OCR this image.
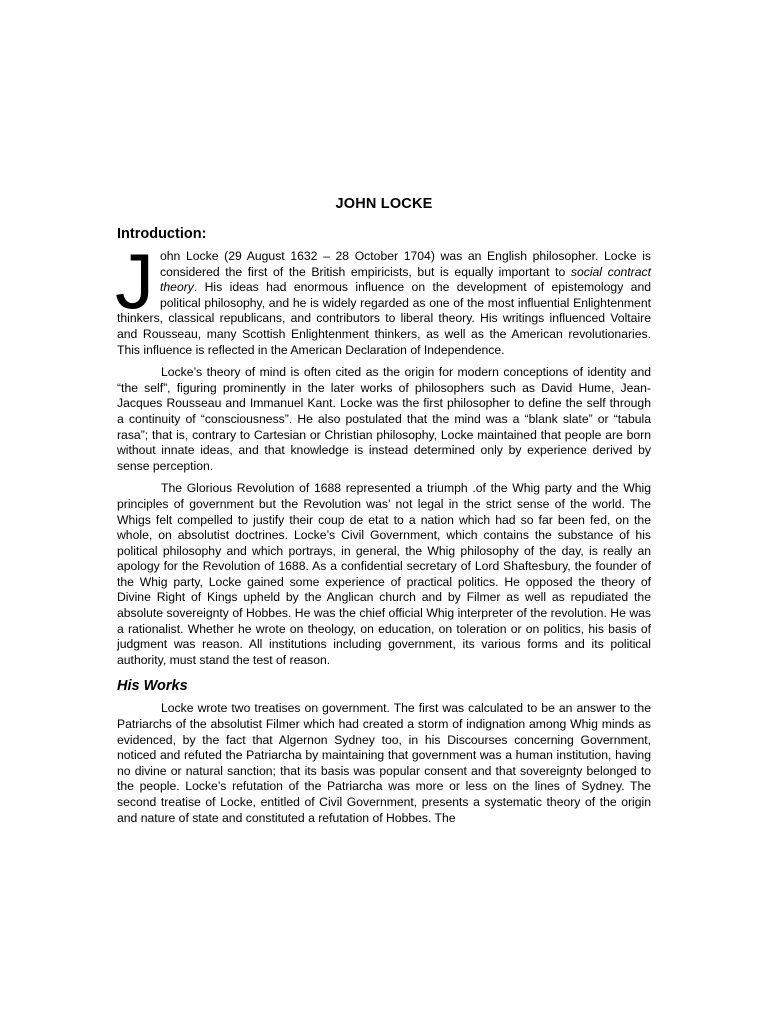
JOHN LOCKE
Introduction:

John Locke (29 August 1632 – 28 October 1704) was an English philosopher. Locke is considered the first of the British empiricists, but is equally important to social contract theory. His ideas had enormous influence on the development of epistemology and political philosophy, and he is widely regarded as one of the most influential Enlightenment thinkers, classical republicans, and contributors to liberal theory. His writings influenced Voltaire and Rousseau, many Scottish Enlightenment thinkers, as well as the American revolutionaries. This influence is reflected in the American Declaration of Independence.

Locke’s theory of mind is often cited as the origin for modern conceptions of identity and “the self”, figuring prominently in the later works of philosophers such as David Hume, Jean-Jacques Rousseau and Immanuel Kant. Locke was the first philosopher to define the self through a continuity of “consciousness”. He also postulated that the mind was a “blank slate” or “tabula rasa”; that is, contrary to Cartesian or Christian philosophy, Locke maintained that people are born without innate ideas, and that knowledge is instead determined only by experience derived by sense perception.

The Glorious Revolution of 1688 represented a triumph .of the Whig party and the Whig principles of government but the Revolution was’ not legal in the strict sense of the world. The Whigs felt compelled to justify their coup de etat to a nation which had so far been fed, on the whole, on absolutist doctrines. Locke’s Civil Government, which contains the substance of his political philosophy and which portrays, in general, the Whig philosophy of the day, is really an apology for the Revolution of 1688. As a confidential secretary of Lord Shaftesbury, the founder of the Whig party, Locke gained some experience of practical politics. He opposed the theory of Divine Right of Kings upheld by the Anglican church and by Filmer as well as repudiated the absolute sovereignty of Hobbes. He was the chief official Whig interpreter of the revolution. He was a rationalist. Whether he wrote on theology, on education, on toleration or on politics, his basis of judgment was reason. All institutions including government, its various forms and its political authority, must stand the test of reason.

His Works

Locke wrote two treatises on government. The first was calculated to be an answer to the Patriarchs of the absolutist Filmer which had created a storm of indignation among Whig minds as evidenced, by the fact that Algernon Sydney too, in his Discourses concerning Government, noticed and refuted the Patriarcha by maintaining that government was a human institution, having no divine or natural sanction; that its basis was popular consent and that sovereignty belonged to the people. Locke’s refutation of the Patriarcha was more or less on the lines of Sydney. The second treatise of Locke, entitled of Civil Government, presents a systematic theory of the origin and nature of state and constituted a refutation of Hobbes. The
